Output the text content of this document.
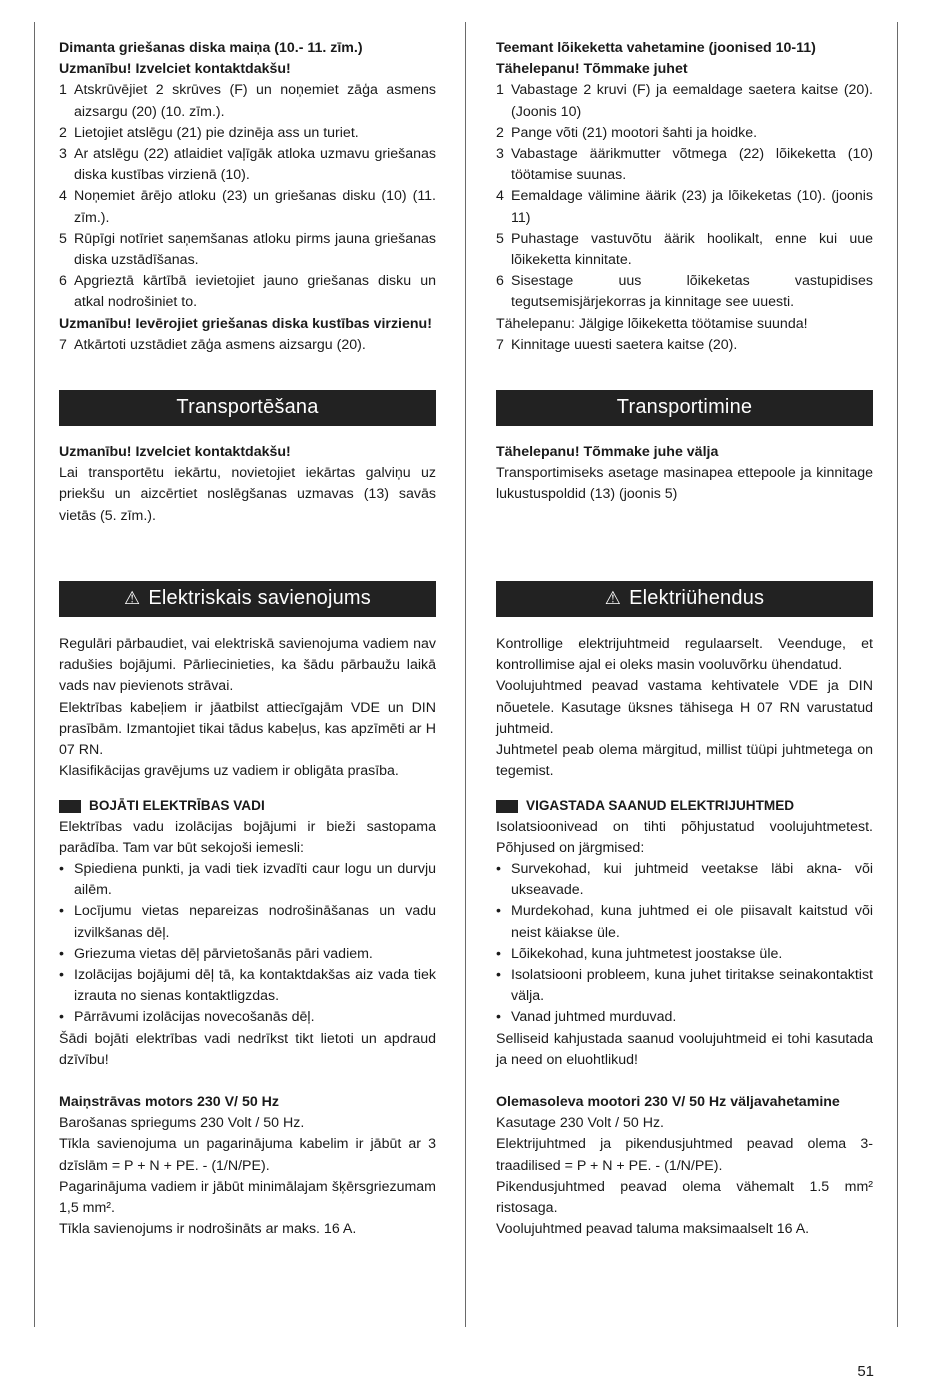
Dimanta griešanas diska maiņa (10.- 11. zīm.)

Uzmanību! Izvelciet kontaktdakšu!

1 Atskrūvējiet 2 skrūves (F) un noņemiet zāģa asmens aizsargu (20) (10. zīm.).
2 Lietojiet atslēgu (21) pie dzinēja ass un turiet.
3 Ar atslēgu (22) atlaidiet vaļīgāk atloka uzmavu griešanas diska kustības virzienā (10).
4 Noņemiet ārējo atloku (23) un griešanas disku (10) (11. zīm.).
5 Rūpīgi notīriet saņemšanas atloku pirms jauna griešanas diska uzstādīšanas.
6 Apgrieztā kārtībā ievietojiet jauno griešanas disku un atkal nodrošiniet to.

Uzmanību! Ievērojiet griešanas diska kustības virzienu!

7 Atkārtoti uzstādiet zāģa asmens aizsargu (20).
Transportēšana

Uzmanību! Izvelciet kontaktdakšu!

Lai transportētu iekārtu, novietojiet iekārtas galviņu uz priekšu un aizcērtiet noslēgšanas uzmavas (13) savās vietās (5. zīm.).

⚠ Elektriskais savienojums

Regulāri pārbaudiet, vai elektriskā savienojuma vadiem nav radušies bojājumi. Pārliecinieties, ka šādu pārbaužu laikā vads nav pievienots strāvai.

Elektrības kabeļiem ir jāatbilst attiecīgajām VDE un DIN prasībām. Izmantojiet tikai tādus kabeļus, kas apzīmēti ar H 07 RN.

Klasifikācijas gravējums uz vadiem ir obligāta prasība.

BOJĀTI ELEKTRĪBAS VADI

Elektrības vadu izolācijas bojājumi ir bieži sastopama parādība. Tam var būt sekojoši iemesli:

• Spiediena punkti, ja vadi tiek izvadīti caur logu un durvju ailēm.
• Locījumu vietas nepareizas nodrošināšanas un vadu izvilkšanas dēļ.
• Griezuma vietas dēļ pārvietošanās pāri vadiem.
• Izolācijas bojājumi dēļ tā, ka kontaktdakšas aiz vada tiek izrauta no sienas kontaktligzdas.
• Pārrāvumi izolācijas novecošanās dēļ.

Šādi bojāti elektrības vadi nedrīkst tikt lietoti un apdraud dzīvību!

Maiņstrāvas motors 230 V/ 50 Hz

Barošanas spriegums 230 Volt / 50 Hz.

Tīkla savienojuma un pagarinājuma kabelim ir jābūt ar 3 dzīslām = P + N + PE. - (1/N/PE).

Pagarinājuma vadiem ir jābūt minimālajam šķērsgriezumam 1,5 mm².

Tīkla savienojums ir nodrošināts ar maks. 16 A.

Teemant lõikeketta vahetamine (joonised 10-11)

Tähelepanu! Tõmmake juhet

1 Vabastage 2 kruvi (F) ja eemaldage saetera kaitse (20). (Joonis 10)
2 Pange võti (21) mootori šahti ja hoidke.
3 Vabastage äärikmutter võtmega (22) lõikeketta (10) töötamise suunas.
4 Eemaldage välimine äärik (23) ja lõikeketas (10). (joonis 11)
5 Puhastage vastuvõtu äärik hoolikalt, enne kui uue lõikeketta kinnitate.
6 Sisestage uus lõikeketas vastupidises tegutsemisjärjekorras ja kinnitage see uuesti.

Tähelepanu: Jälgige lõikeketta töötamise suunda!

7 Kinnitage uuesti saetera kaitse (20).
Transportimine

Tähelepanu! Tõmmake juhe välja

Transportimiseks asetage masinapea ettepoole ja kinnitage lukustuspoldid (13) (joonis 5)

⚠ Elektriühendus

Kontrollige elektrijuhtmeid regulaarselt. Veenduge, et kontrollimise ajal ei oleks masin vooluvõrku ühendatud.

Voolujuhtmed peavad vastama kehtivatele VDE ja DIN nõuetele. Kasutage üksnes tähisega H 07 RN varustatud juhtmeid.

Juhtmetel peab olema märgitud, millist tüüpi juhtmetega on tegemist.

VIGASTADA SAANUD ELEKTRIJUHTMED

Isolatsioonivead on tihti põhjustatud voolujuhtmetest. Põhjused on järgmised:

• Survekohad, kui juhtmeid veetakse läbi akna- või ukseavade.
• Murdekohad, kuna juhtmed ei ole piisavalt kaitstud või neist käiakse üle.
• Lõikekohad, kuna juhtmetest joostakse üle.
• Isolatsiooni probleem, kuna juhet tiritakse seinakontaktist välja.
• Vanad juhtmed murduvad.

Selliseid kahjustada saanud voolujuhtmeid ei tohi kasutada ja need on eluohtlikud!

Olemasoleva mootori 230 V/ 50 Hz väljavahetamine

Kasutage 230 Volt / 50 Hz.

Elektrijuhtmed ja pikendusjuhtmed peavad olema 3-traadilised = P + N + PE. - (1/N/PE).

Pikendusjuhtmed peavad olema vähemalt 1.5 mm² ristosaga.

Voolujuhtmed peavad taluma maksimaalselt 16 A.

51
